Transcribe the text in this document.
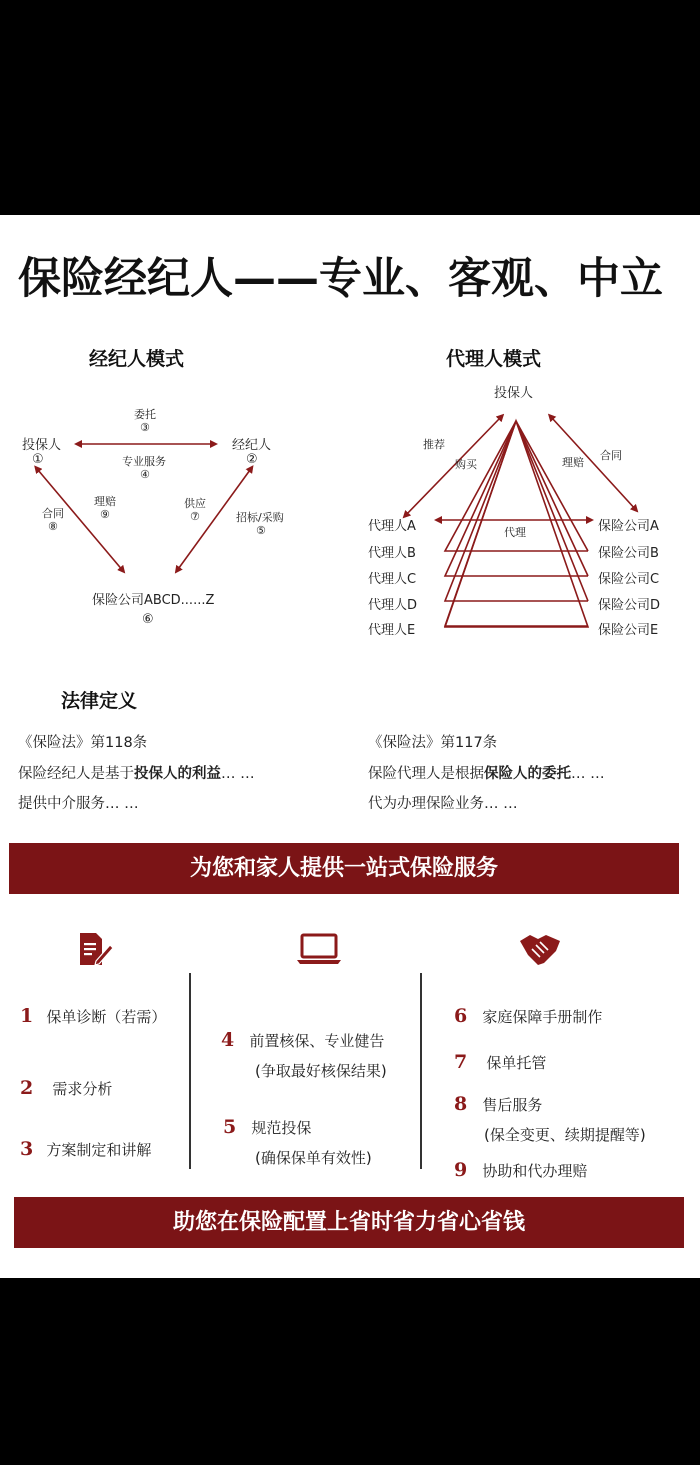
保险经纪人——专业、客观、中立
经纪人模式
投保人
①
经纪人
②
委托
③
专业服务
④
合同
⑧
理赔
⑨
供应
⑦	招标/采购
⑤
保险公司ABCD......Z
⑥
代理人模式
投保人
推荐
购买	理赔
合同
代理
代理人A
代理人B
代理人C
代理人D
代理人E
保险公司A
保险公司B
保险公司C
保险公司D
保险公司E
法律定义
《保险法》第118条
保险经纪人是基于投保人的利益… …
提供中介服务… …
《保险法》第117条
保险代理人是根据保险人的委托… …
代为办理保险业务… …
为您和家人提供一站式保险服务
1 保单诊断（若需）
2 需求分析
3 方案制定和讲解
4 前置核保、专业健告
(争取最好核保结果)
5 规范投保
(确保保单有效性)
6 家庭保障手册制作
7 保单托管
8 售后服务
(保全变更、续期提醒等)
9 协助和代办理赔
助您在保险配置上省时省力省心省钱
